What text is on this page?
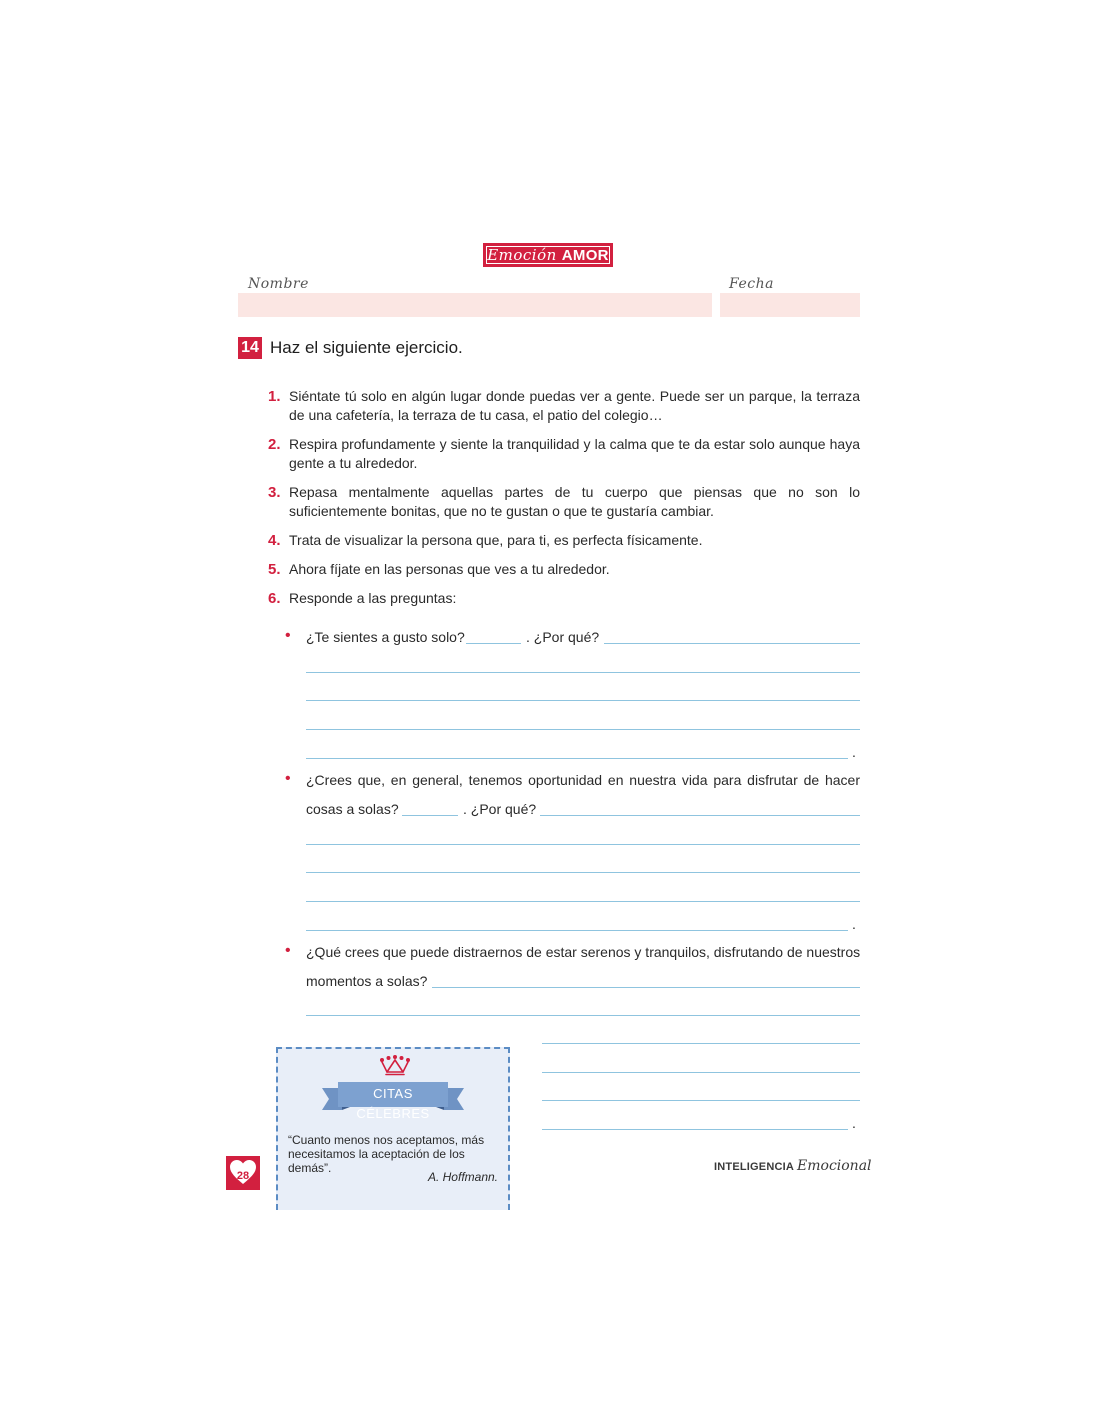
Emoción AMOR
Nombre	Fecha
14 Haz el siguiente ejercicio.
1. Siéntate tú solo en algún lugar donde puedas ver a gente. Puede ser un parque, la terraza de una cafetería, la terraza de tu casa, el patio del colegio…
2. Respira profundamente y siente la tranquilidad y la calma que te da estar solo aunque haya gente a tu alrededor.
3. Repasa mentalmente aquellas partes de tu cuerpo que piensas que no son lo suficientemente bonitas, que no te gustan o que te gustaría cambiar.
4. Trata de visualizar la persona que, para ti, es perfecta físicamente.
5. Ahora fíjate en las personas que ves a tu alrededor.
6. Responde a las preguntas:
• ¿Te sientes a gusto solo?	. ¿Por qué?
.
• ¿Crees que, en general, tenemos oportunidad en nuestra vida para disfrutar de hacer
cosas a solas?	. ¿Por qué?
.
• ¿Qué crees que puede distraernos de estar serenos y tranquilos, disfrutando de nuestros
momentos a solas?
.
CITAS CÉLEBRES
“Cuanto menos nos aceptamos, más necesitamos la aceptación de los demás”.
A. Hoffmann.
28
INTELIGENCIA Emocional
